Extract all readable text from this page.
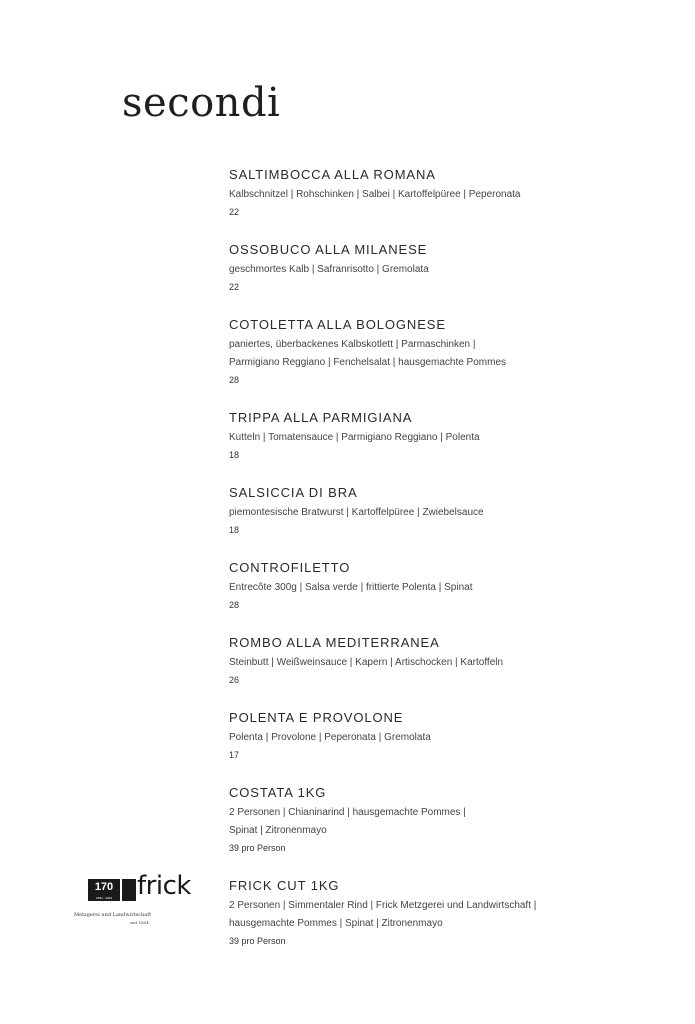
secondi
SALTIMBOCCA ALLA ROMANA
Kalbschnitzel | Rohschinken | Salbei | Kartoffelpüree | Peperonata
22
OSSOBUCO ALLA MILANESE
geschmortes Kalb | Safranrisotto | Gremolata
22
COTOLETTA ALLA BOLOGNESE
paniertes, überbackenes Kalbskotlett | Parmaschinken |
Parmigiano Reggiano | Fenchelsalat | hausgemachte Pommes
28
TRIPPA ALLA PARMIGIANA
Kutteln | Tomatensauce | Parmigiano Reggiano | Polenta
18
SALSICCIA DI BRA
piemontesische Bratwurst | Kartoffelpüree | Zwiebelsauce
18
CONTROFILETTO
Entrecôte 300g | Salsa verde | frittierte Polenta | Spinat
28
ROMBO ALLA MEDITERRANEA
Steinbutt | Weißweinsauce | Kapern | Artischocken | Kartoffeln
26
POLENTA E PROVOLONE
Polenta | Provolone | Peperonata | Gremolata
17
COSTATA 1KG
2 Personen | Chianinarind | hausgemachte Pommes |
Spinat | Zitronenmayo
39 pro Person
FRICK CUT 1KG
2 Personen | Simmentaler Rind | Frick Metzgerei und Landwirtschaft |
hausgemachte Pommes | Spinat | Zitronenmayo
39 pro Person
170
1854 · 2024 frick
Metzgerei und Landwirtschaft
seit 1854
